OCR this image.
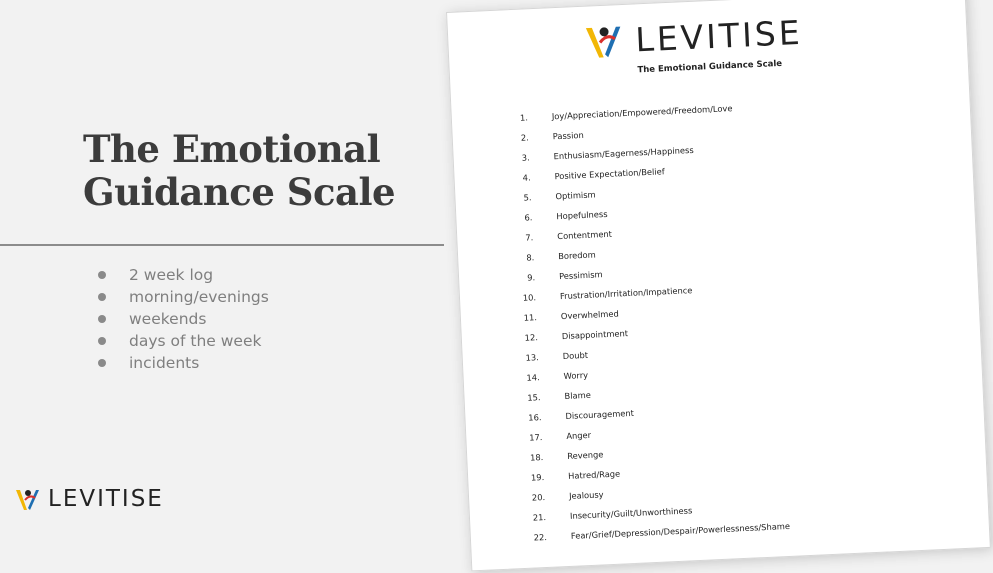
The Emotional
Guidance Scale
2 week log
morning/evenings
weekends
days of the week
incidents
LEVITISE
LEVITISE
The Emotional Guidance Scale
1.	Joy/Appreciation/Empowered/Freedom/Love
2.	Passion
3.	Enthusiasm/Eagerness/Happiness
4.	Positive Expectation/Belief
5.	Optimism
6.	Hopefulness
7.	Contentment
8.	Boredom
9.	Pessimism
10.	Frustration/Irritation/Impatience
11.	Overwhelmed
12.	Disappointment
13.	Doubt
14.	Worry
15.	Blame
16.	Discouragement
17.	Anger
18.	Revenge
19.	Hatred/Rage
20.	Jealousy
21.	Insecurity/Guilt/Unworthiness
22.	Fear/Grief/Depression/Despair/Powerlessness/Shame
